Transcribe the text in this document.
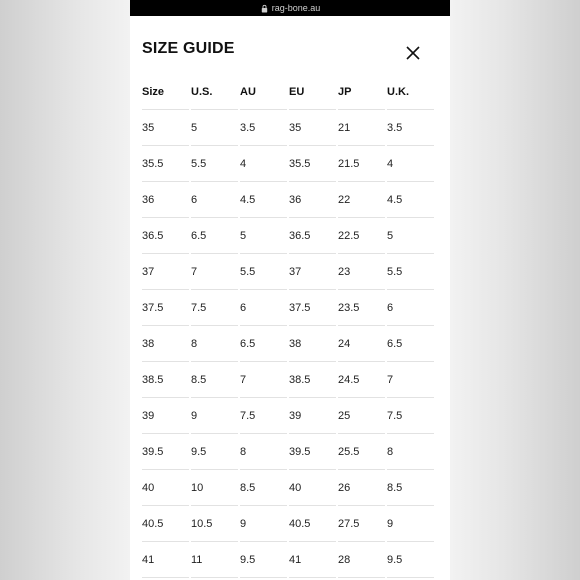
rag-bone.au
SIZE GUIDE
Size	U.S.	AU	EU	JP	U.K.
35	5	3.5	35	21	3.5
35.5	5.5	4	35.5	21.5	4
36	6	4.5	36	22	4.5
36.5	6.5	5	36.5	22.5	5
37	7	5.5	37	23	5.5
37.5	7.5	6	37.5	23.5	6
38	8	6.5	38	24	6.5
38.5	8.5	7	38.5	24.5	7
39	9	7.5	39	25	7.5
39.5	9.5	8	39.5	25.5	8
40	10	8.5	40	26	8.5
40.5	10.5	9	40.5	27.5	9
41	11	9.5	41	28	9.5
